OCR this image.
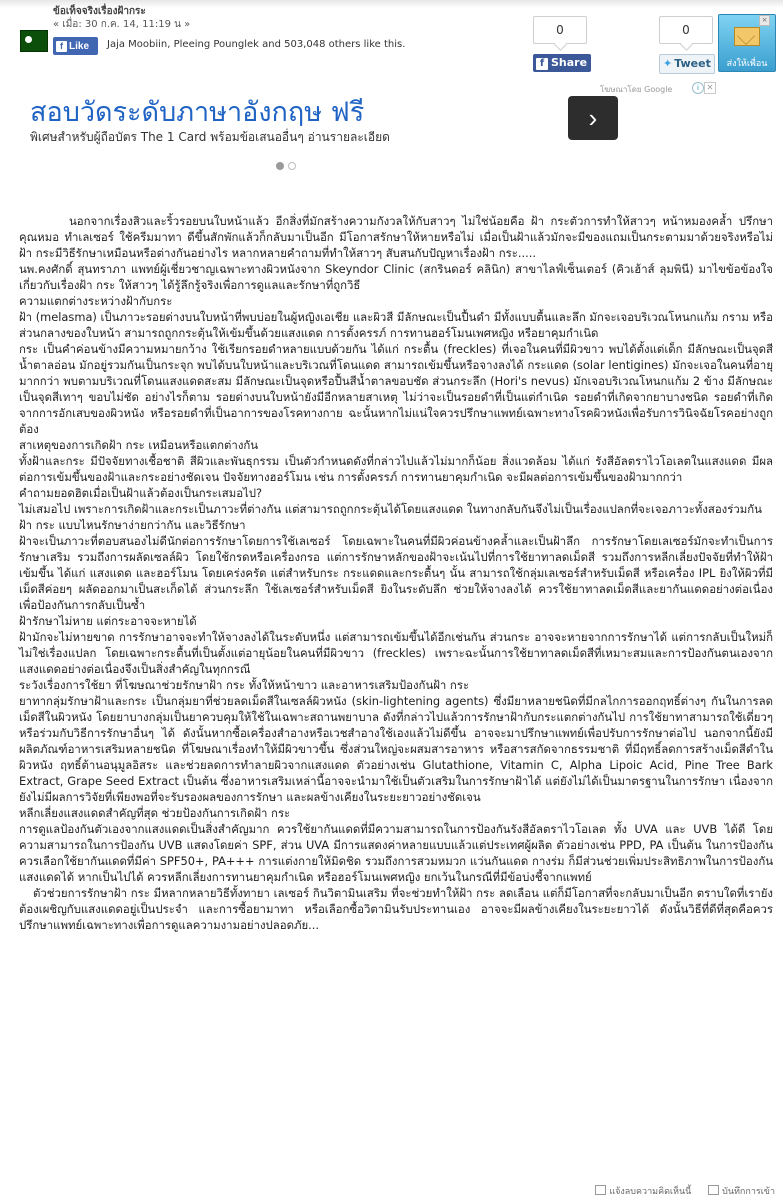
ข้อเท็จจริงเรื่องฝ้ากระ
« เมื่อ: 30 ก.ค. 14, 11:19 น »
f Like	Jaja Moobiin, Pleeing Pounglek and 503,048 others like this.
0
f Share
0
✦ Tweet
×
ส่งให้เพื่อน
สอบวัดระดับภาษาอังกฤษ ฟรี
พิเศษสำหรับผู้ถือบัตร The 1 Card พร้อมข้อเสนออื่นๆ อ่านรายละเอียด
›
โฆษณาโดย Google	i ✕

นอกจากเรื่องสิวและริ้วรอยบนใบหน้าแล้ว อีกสิ่งที่มักสร้างความกังวลให้กับสาวๆ ไม่ใช่น้อยคือ ฝ้า กระตัวการทำให้สาวๆ หน้าหมองคล้ำ ปรึกษาคุณหมอ ทำเลเซอร์ ใช้ครีมมาทา ดีขึ้นสักพักแล้วก็กลับมาเป็นอีก มีโอกาสรักษาให้หายหรือไม่ เมื่อเป็นฝ้าแล้วมักจะมีของแถมเป็นกระตามมาด้วยจริงหรือไม่ ฝ้า กระมีวิธีรักษาเหมือนหรือต่างกันอย่างไร หลากหลายคำถามที่ทำให้สาวๆ สับสนกับปัญหาเรื่องฝ้า กระ.....

นพ.คงศักดิ์ สุนทราภา แพทย์ผู้เชี่ยวชาญเฉพาะทางผิวหนังจาก Skeyndor Clinic (สกรินดอร์ คลินิก) สาขาไลฟ์เซ็นเตอร์ (คิวเฮ้าส์ ลุมพินี) มาไขข้อข้องใจเกี่ยวกับเรื่องฝ้า กระ ให้สาวๆ ได้รู้ลึกรู้จริงเพื่อการดูแลและรักษาที่ถูกวิธี

ความแตกต่างระหว่างฝ้ากับกระ

ฝ้า (melasma) เป็นภาวะรอยด่างบนใบหน้าที่พบบ่อยในผู้หญิงเอเชีย และผิวสี มีลักษณะเป็นปื้นดำ มีทั้งแบบตื้นและลึก มักจะเจอบริเวณโหนกแก้ม กราม หรือส่วนกลางของใบหน้า สามารถถูกกระตุ้นให้เข้มขึ้นด้วยแสงแดด การตั้งครรภ์ การทานฮอร์โมนเพศหญิง หรือยาคุมกำเนิด

กระ เป็นคำค่อนข้างมีความหมายกว้าง ใช้เรียกรอยดำหลายแบบด้วยกัน ได้แก่ กระตื้น (freckles) ที่เจอในคนที่มีผิวขาว พบได้ตั้งแต่เด็ก มีลักษณะเป็นจุดสีน้ำตาลอ่อน มักอยู่รวมกันเป็นกระจุก พบได้บนใบหน้าและบริเวณที่โดนแดด สามารถเข้มขึ้นหรือจางลงได้ กระแดด (solar lentigines) มักจะเจอในคนที่อายุมากกว่า พบตามบริเวณที่โดนแสงแดดสะสม มีลักษณะเป็นจุดหรือปื้นสีน้ำตาลขอบชัด ส่วนกระลึก (Hori's nevus) มักเจอบริเวณโหนกแก้ม 2 ข้าง มีลักษณะเป็นจุดสีเทาๆ ขอบไม่ชัด อย่างไรก็ตาม รอยด่างบนใบหน้ายังมีอีกหลายสาเหตุ ไม่ว่าจะเป็นรอยดำที่เป็นแต่กำเนิด รอยดำที่เกิดจากยาบางชนิด รอยดำที่เกิดจากการอักเสบของผิวหนัง หรือรอยดำที่เป็นอาการของโรคทางกาย ฉะนั้นหากไม่แน่ใจควรปรึกษาแพทย์เฉพาะทางโรคผิวหนังเพื่อรับการวินิจฉัยโรคอย่างถูกต้อง

สาเหตุของการเกิดฝ้า กระ เหมือนหรือแตกต่างกัน

ทั้งฝ้าและกระ มีปัจจัยทางเชื้อชาติ สีผิวและพันธุกรรม เป็นตัวกำหนดดังที่กล่าวไปแล้วไม่มากก็น้อย สิ่งแวดล้อม ได้แก่ รังสีอัลตราไวโอเลตในแสงแดด มีผลต่อการเข้มขึ้นของฝ้าและกระอย่างชัดเจน ปัจจัยทางฮอร์โมน เช่น การตั้งครรภ์ การทานยาคุมกำเนิด จะมีผลต่อการเข้มขึ้นของฝ้ามากกว่า

คำถามยอดฮิตเมื่อเป็นฝ้าแล้วต้องเป็นกระเสมอไป?

ไม่เสมอไป เพราะการเกิดฝ้าและกระเป็นภาวะที่ต่างกัน แต่สามารถถูกกระตุ้นได้โดยแสงแดด ในทางกลับกันจึงไม่เป็นเรื่องแปลกที่จะเจอภาวะทั้งสองร่วมกัน

ฝ้า กระ แบบไหนรักษาง่ายกว่ากัน และวิธีรักษา

ฝ้าจะเป็นภาวะที่ตอบสนองไม่ดีนักต่อการรักษาโดยการใช้เลเซอร์ โดยเฉพาะในคนที่มีผิวค่อนข้างคล้ำและเป็นฝ้าลึก การรักษาโดยเลเซอร์มักจะทำเป็นการรักษาเสริม รวมถึงการผลัดเซลล์ผิว โดยใช้กรดหรือเครื่องกรอ แต่การรักษาหลักของฝ้าจะเน้นไปที่การใช้ยาทาลดเม็ดสี รวมถึงการหลีกเลี่ยงปัจจัยที่ทำให้ฝ้าเข้มขึ้น ได้แก่ แสงแดด และฮอร์โมน โดยเคร่งครัด แต่สำหรับกระ กระแดดและกระตื้นๆ นั้น สามารถใช้กลุ่มเลเซอร์สำหรับเม็ดสี หรือเครื่อง IPL ยิงให้ผิวที่มีเม็ดสีค่อยๆ ผลัดออกมาเป็นสะเก็ดได้ ส่วนกระลึก ใช้เลเซอร์สำหรับเม็ดสี ยิงในระดับลึก ช่วยให้จางลงได้ ควรใช้ยาทาลดเม็ดสีและยากันแดดอย่างต่อเนื่อง เพื่อป้องกันการกลับเป็นซ้ำ

ฝ้ารักษาไม่หาย แต่กระอาจจะหายได้

ฝ้ามักจะไม่หายขาด การรักษาอาจจะทำให้จางลงได้ในระดับหนึ่ง แต่สามารถเข้มขึ้นได้อีกเช่นกัน ส่วนกระ อาจจะหายจากการรักษาได้ แต่การกลับเป็นใหม่ก็ไม่ใช่เรื่องแปลก โดยเฉพาะกระตื้นที่เป็นตั้งแต่อายุน้อยในคนที่มีผิวขาว (freckles) เพราะฉะนั้นการใช้ยาทาลดเม็ดสีที่เหมาะสมและการป้องกันตนเองจากแสงแดดอย่างต่อเนื่องจึงเป็นสิ่งสำคัญในทุกกรณี

ระวังเรื่องการใช้ยา ที่โฆษณาช่วยรักษาฝ้า กระ ทั้งให้หน้าขาว และอาหารเสริมป้องกันฝ้า กระ

ยาทากลุ่มรักษาฝ้าและกระ เป็นกลุ่มยาที่ช่วยลดเม็ดสีในเซลล์ผิวหนัง (skin-lightening agents) ซึ่งมียาหลายชนิดที่มีกลไกการออกฤทธิ์ต่างๆ กันในการลดเม็ดสีในผิวหนัง โดยยาบางกลุ่มเป็นยาควบคุมให้ใช้ในเฉพาะสถานพยาบาล ดังที่กล่าวไปแล้วการรักษาฝ้ากับกระแตกต่างกันไป การใช้ยาทาสามารถใช้เดี่ยวๆ หรือร่วมกับวิธีการรักษาอื่นๆ ได้ ดังนั้นหากซื้อเครื่องสำอางหรือเวชสำอางใช้เองแล้วไม่ดีขึ้น อาจจะมาปรึกษาแพทย์เพื่อปรับการรักษาต่อไป นอกจากนี้ยังมีผลิตภัณฑ์อาหารเสริมหลายชนิด ที่โฆษณาเรื่องทำให้มีผิวขาวขึ้น ซึ่งส่วนใหญ่จะผสมสารอาหาร หรือสารสกัดจากธรรมชาติ ที่มีฤทธิ์ลดการสร้างเม็ดสีดำในผิวหนัง ฤทธิ์ต้านอนุมูลอิสระ และช่วยลดการทำลายผิวจากแสงแดด ตัวอย่างเช่น Glutathione, Vitamin C, Alpha Lipoic Acid, Pine Tree Bark Extract, Grape Seed Extract เป็นต้น ซึ่งอาหารเสริมเหล่านี้อาจจะนำมาใช้เป็นตัวเสริมในการรักษาฝ้าได้ แต่ยังไม่ได้เป็นมาตรฐานในการรักษา เนื่องจากยังไม่มีผลการวิจัยที่เพียงพอที่จะรับรองผลของการรักษา และผลข้างเคียงในระยะยาวอย่างชัดเจน

หลีกเลี่ยงแสงแดดสำคัญที่สุด ช่วยป้องกันการเกิดฝ้า กระ

การดูแลป้องกันตัวเองจากแสงแดดเป็นสิ่งสำคัญมาก ควรใช้ยากันแดดที่มีความสามารถในการป้องกันรังสีอัลตราไวโอเลต ทั้ง UVA และ UVB ได้ดี โดยความสามารถในการป้องกัน UVB แสดงโดยค่า SPF, ส่วน UVA มีการแสดงค่าหลายแบบแล้วแต่ประเทศผู้ผลิต ตัวอย่างเช่น PPD, PA เป็นต้น ในการป้องกันควรเลือกใช้ยากันแดดที่มีค่า SPF50+, PA+++ การแต่งกายให้มิดชิด รวมถึงการสวมหมวก แว่นกันแดด กางร่ม ก็มีส่วนช่วยเพิ่มประสิทธิภาพในการป้องกันแสงแดดได้ หากเป็นไปได้ ควรหลีกเลี่ยงการทานยาคุมกำเนิด หรือฮอร์โมนเพศหญิง ยกเว้นในกรณีที่มีข้อบ่งชี้จากแพทย์

ตัวช่วยการรักษาฝ้า กระ มีหลากหลายวิธีทั้งทายา เลเซอร์ กินวิตามินเสริม ที่จะช่วยทำให้ฝ้า กระ ลดเลือน แต่ก็มีโอกาสที่จะกลับมาเป็นอีก ตราบใดที่เรายังต้องเผชิญกับแสงแดดอยู่เป็นประจำ และการซื้อยามาทา หรือเลือกซื้อวิตามินรับประทานเอง อาจจะมีผลข้างเคียงในระยะยาวได้ ดังนั้นวิธีที่ดีที่สุดคือควรปรึกษาแพทย์เฉพาะทางเพื่อการดูแลความงามอย่างปลอดภัย...

แจ้งลบความคิดเห็นนี้	บันทึกการเข้า
